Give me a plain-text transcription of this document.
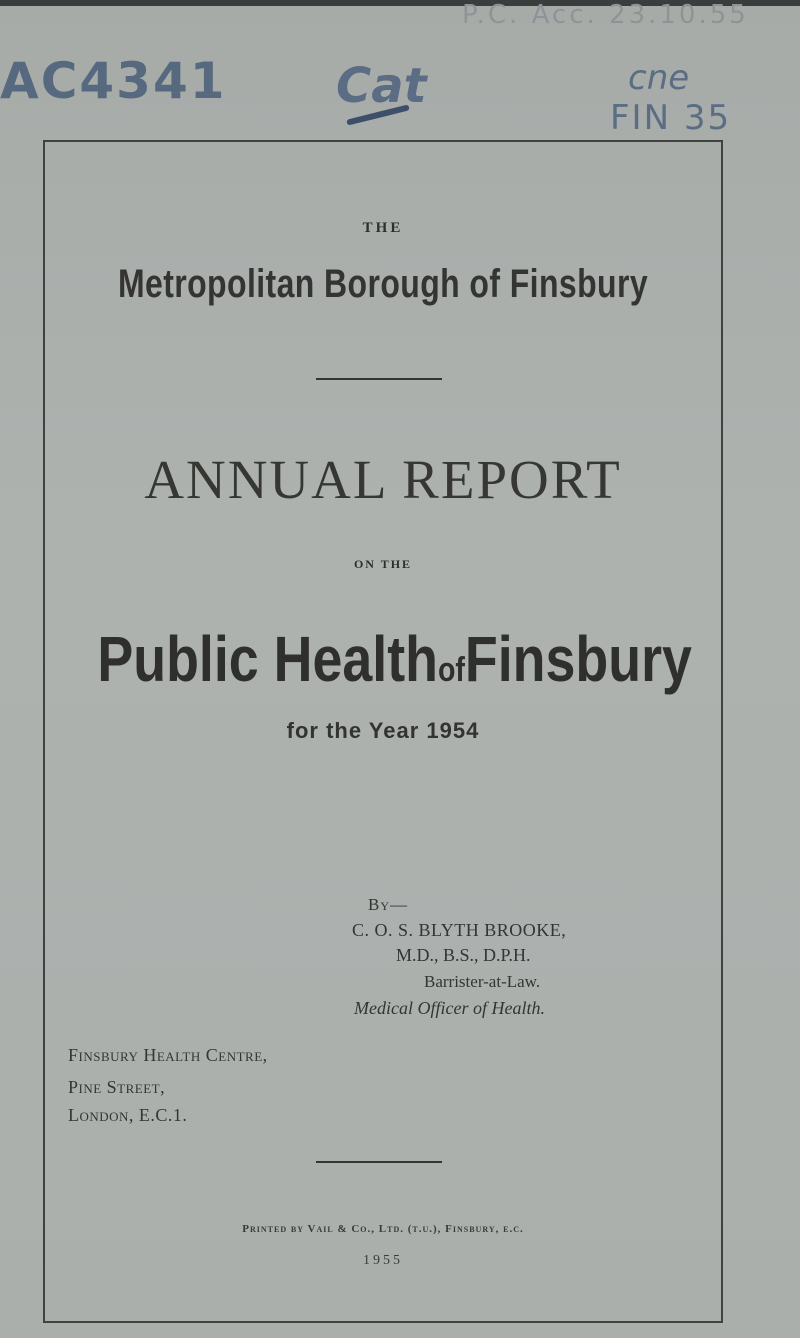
P.C. Acc. 23.10.55
AC4341 Cat	cne
FIN 35
THE
Metropolitan Borough of Finsbury
ANNUAL REPORT
ON THE
Public HealthofFinsbury
for the Year 1954
By—
C. O. S. BLYTH BROOKE,
M.D., B.S., D.P.H.
Barrister-at-Law.
Medical Officer of Health.
Finsbury Health Centre,
Pine Street,
London, E.C.1.
Printed by Vail & Co., Ltd. (t.u.), Finsbury, e.c.
1955
